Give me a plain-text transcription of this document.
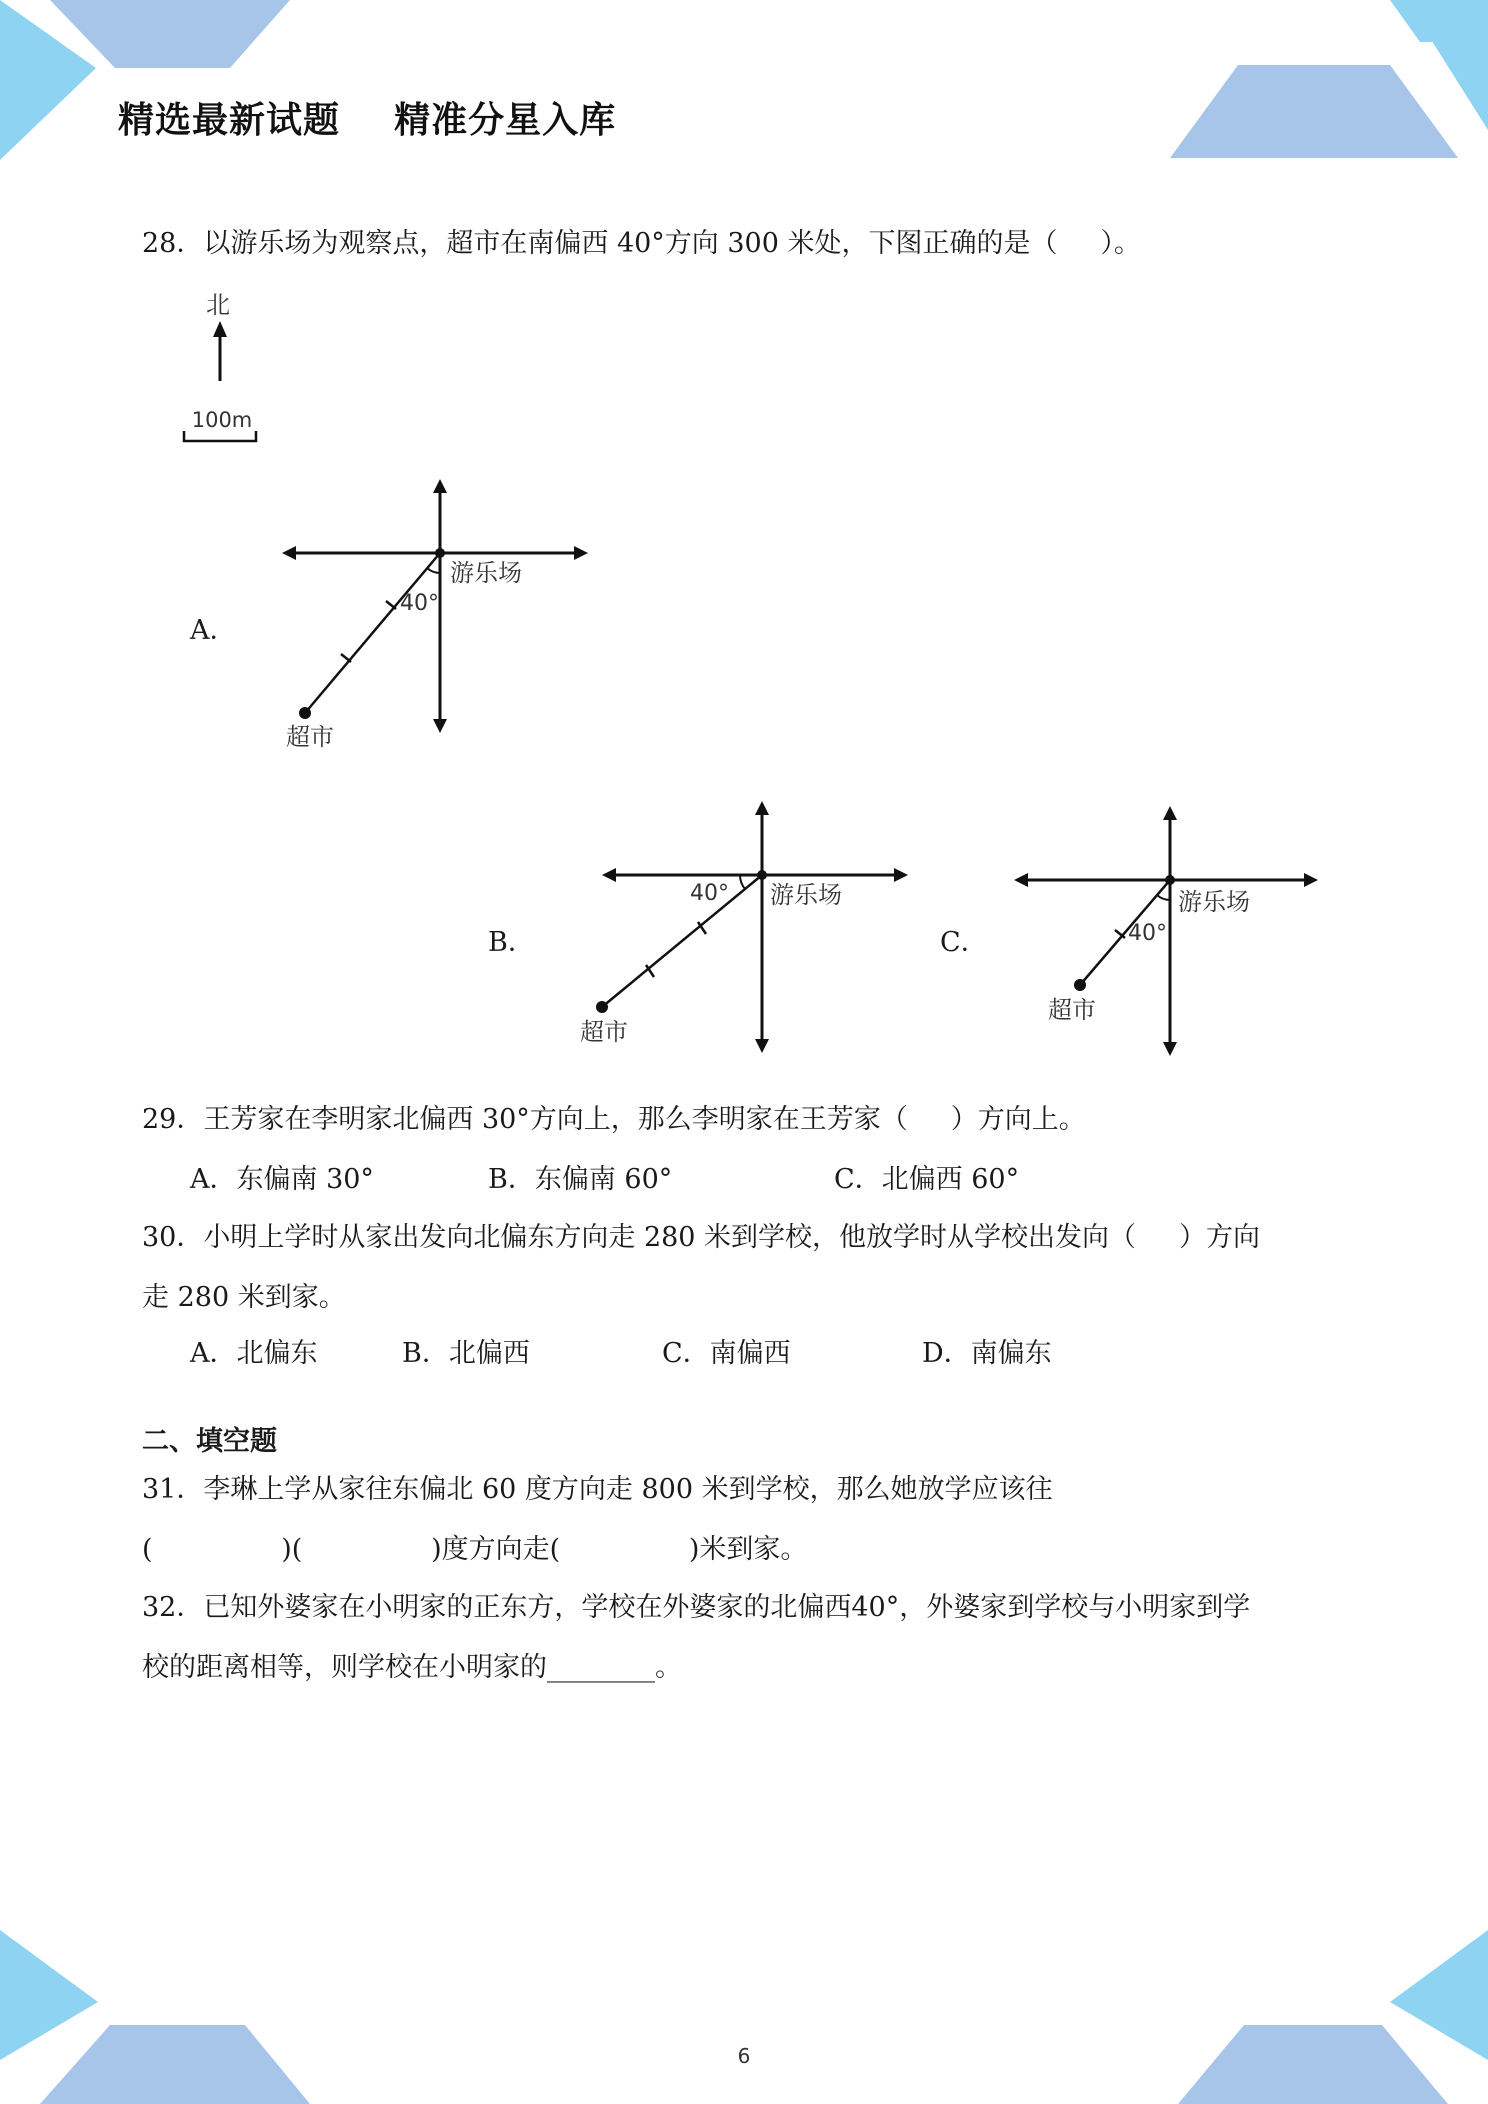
精选最新试题    精准分星入库
28．以游乐场为观察点，超市在南偏西 40°方向 300 米处，下图正确的是（     ）。
北
100m
A．
40°
游乐场
超市
B．
40° 游乐场
超市
C．	40°
游乐场
超市
29．王芳家在李明家北偏西 30°方向上，那么李明家在王芳家（     ）方向上。
A．东偏南 30°	B．东偏南 60°	C．北偏西 60°
30．小明上学时从家出发向北偏东方向走 280 米到学校，他放学时从学校出发向（     ）方向
走 280 米到家。
A．北偏东	B．北偏西	C．南偏西	D．南偏东
二、填空题
31．李琳上学从家往东偏北 60 度方向走 800 米到学校，那么她放学应该往
(               )(               )度方向走(               )米到家。
32．已知外婆家在小明家的正东方，学校在外婆家的北偏西40°，外婆家到学校与小明家到学
校的距离相等，则学校在小明家的________。
6
